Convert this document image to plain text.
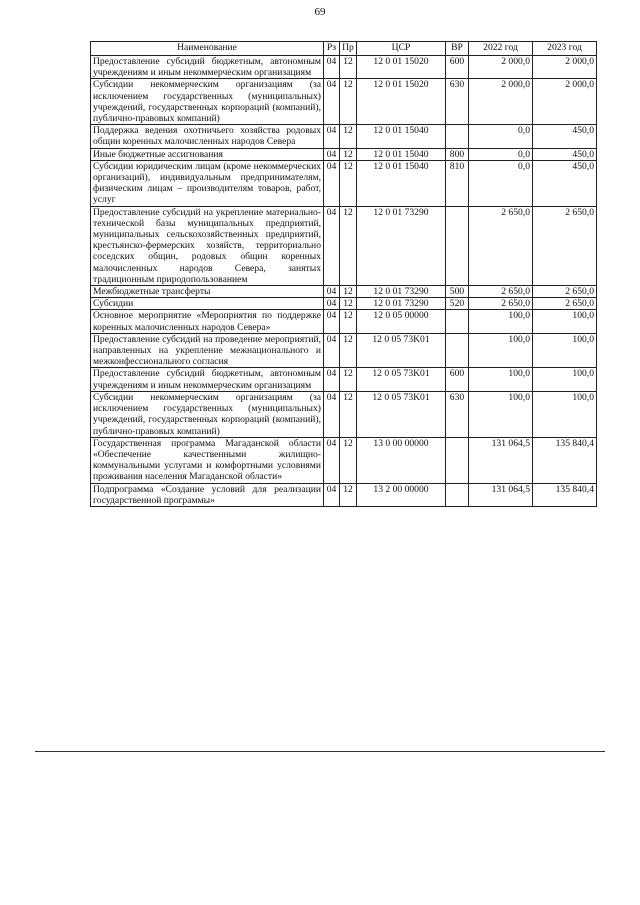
69
Наименование	Рз	Пр	ЦСР	ВР	2022 год	2023 год
Предоставление субсидий бюджетным, автономным учреждениям и иным некоммерческим организациям	04	12	12 0 01 15020	600	2 000,0	2 000,0
Субсидии некоммерческим организациям (за исключением государственных (муниципальных) учреждений, государственных корпораций (компаний), публично-правовых компаний)	04	12	12 0 01 15020	630	2 000,0	2 000,0
Поддержка ведения охотничьего хозяйства родовых общин коренных малочисленных народов Севера	04	12	12 0 01 15040		0,0	450,0
Иные бюджетные ассигнования	04	12	12 0 01 15040	800	0,0	450,0
Субсидии юридическим лицам (кроме некоммерческих организаций), индивидуальным предпринимателям, физическим лицам – производителям товаров, работ, услуг	04	12	12 0 01 15040	810	0,0	450,0
Предоставление субсидий на укрепление материально-технической базы муниципальных предприятий, муниципальных сельскохозяйственных предприятий, крестьянско-фермерских хозяйств, территориально соседских общин, родовых общин коренных малочисленных народов Севера, занятых традиционным природопользованием	04	12	12 0 01 73290		2 650,0	2 650,0
Межбюджетные трансферты	04	12	12 0 01 73290	500	2 650,0	2 650,0
Субсидии	04	12	12 0 01 73290	520	2 650,0	2 650,0
Основное мероприятие «Мероприятия по поддержке коренных малочисленных народов Севера»	04	12	12 0 05 00000		100,0	100,0
Предоставление субсидий на проведение мероприятий, направленных на укрепление межнационального и межконфессионального согласия	04	12	12 0 05 73K01		100,0	100,0
Предоставление субсидий бюджетным, автономным учреждениям и иным некоммерческим организациям	04	12	12 0 05 73K01	600	100,0	100,0
Субсидии некоммерческим организациям (за исключением государственных (муниципальных) учреждений, государственных корпораций (компаний), публично-правовых компаний)	04	12	12 0 05 73K01	630	100,0	100,0
Государственная программа Магаданской области «Обеспечение качественными жилищно-коммунальными услугами и комфортными условиями проживания населения Магаданской области»	04	12	13 0 00 00000		131 064,5	135 840,4
Подпрограмма «Создание условий для реализации государственной программы»	04	12	13 2 00 00000		131 064,5	135 840,4
